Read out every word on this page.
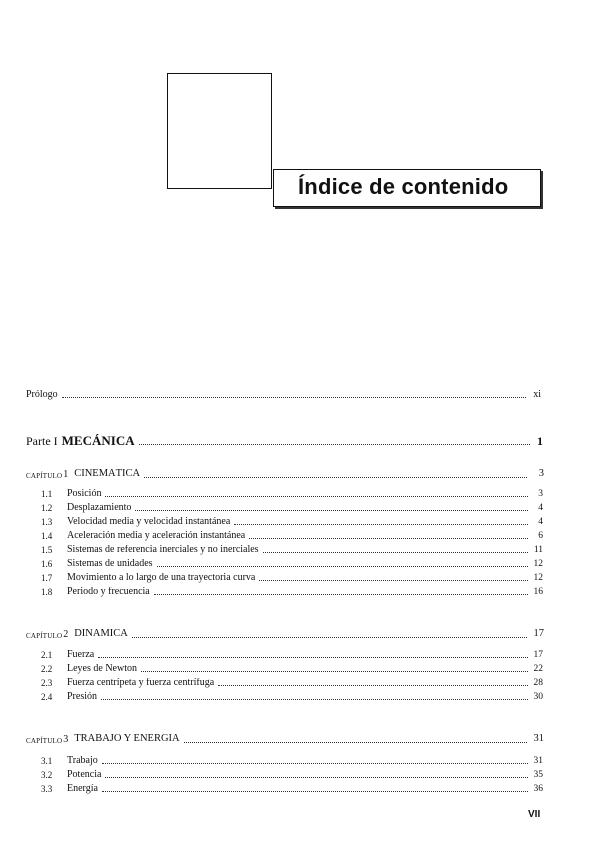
Índice de contenido
Prólogo	xi
Parte I MECÁNICA	1
CAPÍTULO 1 CINEMÁTICA	3
1.1	Posición	3
1.2	Desplazamiento	4
1.3	Velocidad media y velocidad instantánea	4
1.4	Aceleración media y aceleración instantánea	6
1.5	Sistemas de referencia inerciales y no inerciales	11
1.6	Sistemas de unidades	12
1.7	Movimiento a lo largo de una trayectoria curva	12
1.8	Periodo y frecuencia	16
CAPÍTULO 2 DINÁMICA	17
2.1	Fuerza	17
2.2	Leyes de Newton	22
2.3	Fuerza centrípeta y fuerza centrífuga	28
2.4	Presión	30
CAPÍTULO 3 TRABAJO Y ENERGÍA	31
3.1	Trabajo	31
3.2	Potencia	35
3.3	Energía	36
VII
